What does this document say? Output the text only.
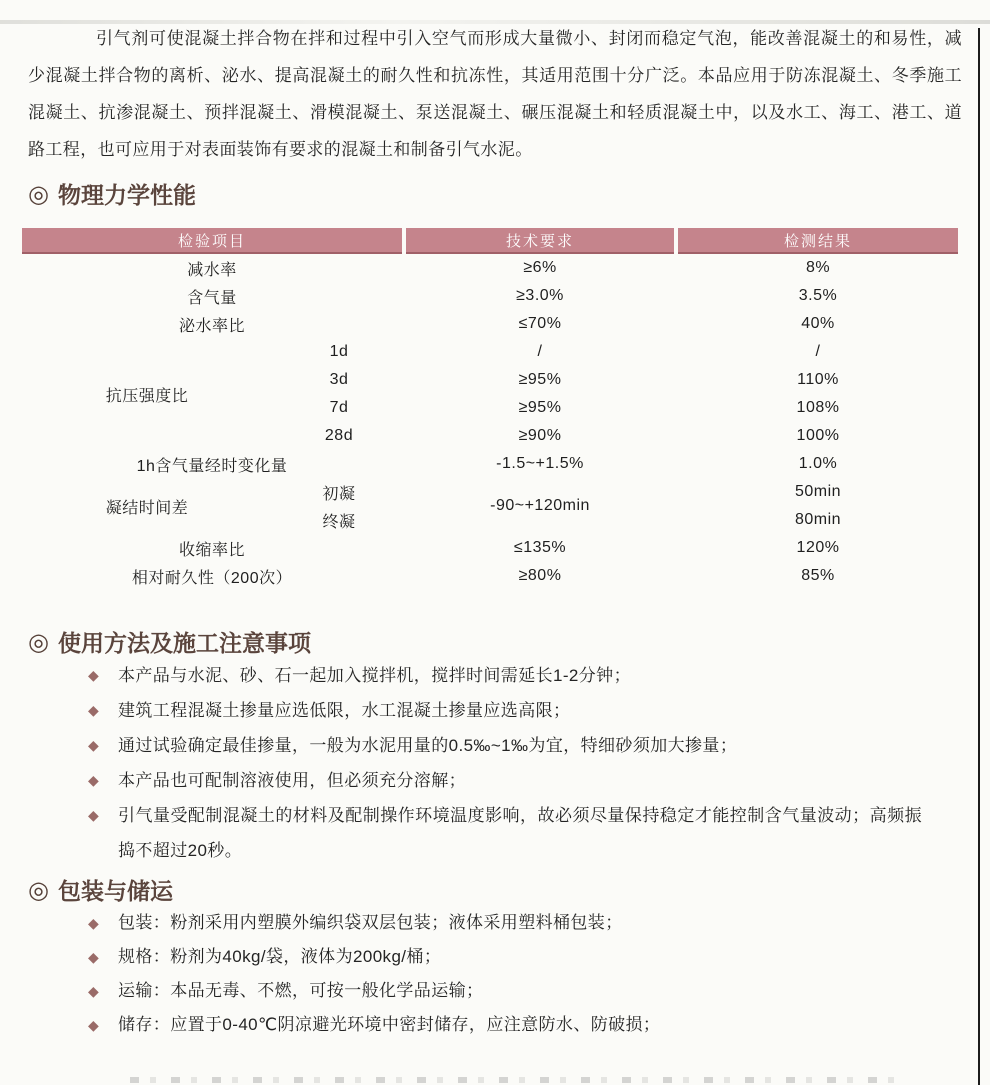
引气剂可使混凝土拌合物在拌和过程中引入空气而形成大量微小、封闭而稳定气泡，能改善混凝土的和易性，减少混凝土拌合物的离析、泌水、提高混凝土的耐久性和抗冻性，其适用范围十分广泛。本品应用于防冻混凝土、冬季施工混凝土、抗渗混凝土、预拌混凝土、滑模混凝土、泵送混凝土、碾压混凝土和轻质混凝土中，以及水工、海工、港工、道路工程，也可应用于对表面装饰有要求的混凝土和制备引气水泥。

◎ 物理力学性能
检验项目		技术要求	检测结果
减水率		≥6%	8%
含气量		≥3.0%	3.5%
泌水率比		≤70%	40%
抗压强度比	1d	/	/
	3d	≥95%	110%
	7d	≥95%	108%
	28d	≥90%	100%
1h含气量经时变化量		-1.5~+1.5%	1.0%
凝结时间差	初凝	-90~+120min	50min
	终凝		80min
收缩率比		≤135%	120%
相对耐久性（200次）		≥80%	85%
◎ 使用方法及施工注意事项
◆	本产品与水泥、砂、石一起加入搅拌机，搅拌时间需延长1-2分钟；
◆	建筑工程混凝土掺量应选低限，水工混凝土掺量应选高限；
◆	通过试验确定最佳掺量，一般为水泥用量的0.5‰~1‰为宜，特细砂须加大掺量；
◆	本产品也可配制溶液使用，但必须充分溶解；
◆	引气量受配制混凝土的材料及配制操作环境温度影响，故必须尽量保持稳定才能控制含气量波动；高频振捣不超过20秒。
◎ 包装与储运
◆	包装：粉剂采用内塑膜外编织袋双层包装；液体采用塑料桶包装；
◆	规格：粉剂为40kg/袋，液体为200kg/桶；
◆	运输：本品无毒、不燃，可按一般化学品运输；
◆	储存：应置于0-40℃阴凉避光环境中密封储存，应注意防水、防破损；
